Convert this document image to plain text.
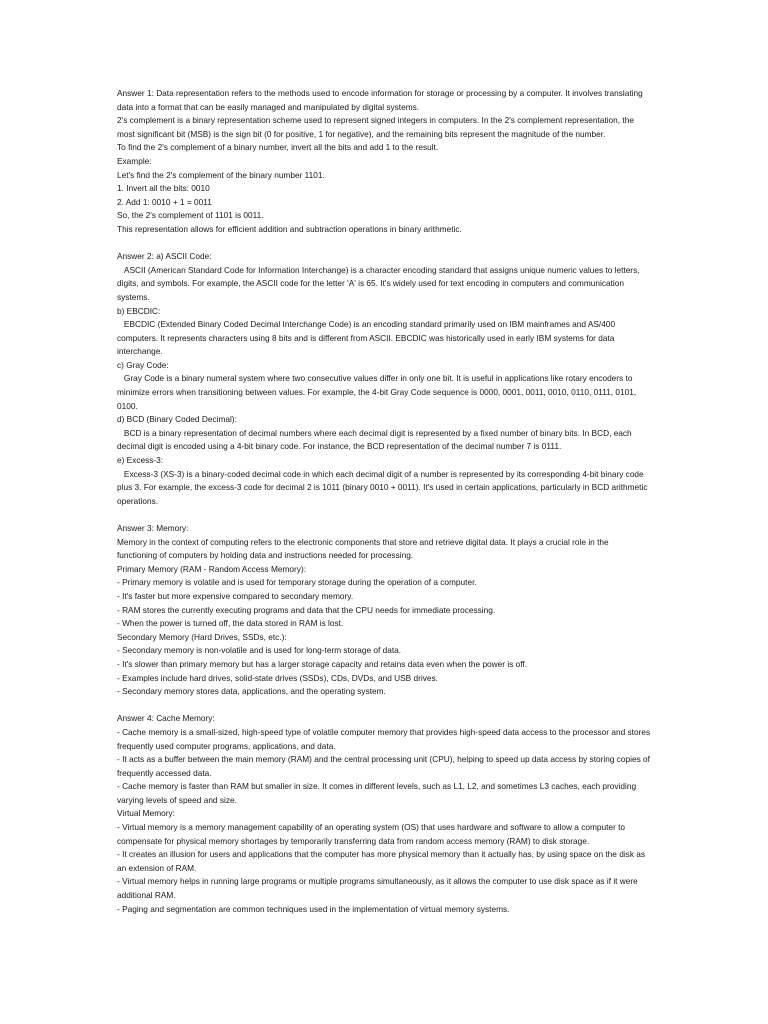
Answer 1: Data representation refers to the methods used to encode information for storage or processing by a computer. It involves translating data into a format that can be easily managed and manipulated by digital systems.

2's complement is a binary representation scheme used to represent signed integers in computers. In the 2's complement representation, the most significant bit (MSB) is the sign bit (0 for positive, 1 for negative), and the remaining bits represent the magnitude of the number.

To find the 2's complement of a binary number, invert all the bits and add 1 to the result.

Example:

Let's find the 2's complement of the binary number 1101.

1. Invert all the bits: 0010

2. Add 1: 0010 + 1 = 0011

So, the 2's complement of 1101 is 0011.

This representation allows for efficient addition and subtraction operations in binary arithmetic.

Answer 2: a) ASCII Code:

ASCII (American Standard Code for Information Interchange) is a character encoding standard that assigns unique numeric values to letters, digits, and symbols. For example, the ASCII code for the letter 'A' is 65. It's widely used for text encoding in computers and communication systems.

b) EBCDIC:

EBCDIC (Extended Binary Coded Decimal Interchange Code) is an encoding standard primarily used on IBM mainframes and AS/400 computers. It represents characters using 8 bits and is different from ASCII. EBCDIC was historically used in early IBM systems for data interchange.

c) Gray Code:

Gray Code is a binary numeral system where two consecutive values differ in only one bit. It is useful in applications like rotary encoders to minimize errors when transitioning between values. For example, the 4-bit Gray Code sequence is 0000, 0001, 0011, 0010, 0110, 0111, 0101, 0100.

d) BCD (Binary Coded Decimal):

BCD is a binary representation of decimal numbers where each decimal digit is represented by a fixed number of binary bits. In BCD, each decimal digit is encoded using a 4-bit binary code. For instance, the BCD representation of the decimal number 7 is 0111.

e) Excess-3:

Excess-3 (XS-3) is a binary-coded decimal code in which each decimal digit of a number is represented by its corresponding 4-bit binary code plus 3. For example, the excess-3 code for decimal 2 is 1011 (binary 0010 + 0011). It's used in certain applications, particularly in BCD arithmetic operations.

Answer 3: Memory:

Memory in the context of computing refers to the electronic components that store and retrieve digital data. It plays a crucial role in the functioning of computers by holding data and instructions needed for processing.

Primary Memory (RAM - Random Access Memory):

- Primary memory is volatile and is used for temporary storage during the operation of a computer.

- It's faster but more expensive compared to secondary memory.

- RAM stores the currently executing programs and data that the CPU needs for immediate processing.

- When the power is turned off, the data stored in RAM is lost.

Secondary Memory (Hard Drives, SSDs, etc.):

- Secondary memory is non-volatile and is used for long-term storage of data.

- It's slower than primary memory but has a larger storage capacity and retains data even when the power is off.

- Examples include hard drives, solid-state drives (SSDs), CDs, DVDs, and USB drives.

- Secondary memory stores data, applications, and the operating system.

Answer 4: Cache Memory:

- Cache memory is a small-sized, high-speed type of volatile computer memory that provides high-speed data access to the processor and stores frequently used computer programs, applications, and data.

- It acts as a buffer between the main memory (RAM) and the central processing unit (CPU), helping to speed up data access by storing copies of frequently accessed data.

- Cache memory is faster than RAM but smaller in size. It comes in different levels, such as L1, L2, and sometimes L3 caches, each providing varying levels of speed and size.

Virtual Memory:

- Virtual memory is a memory management capability of an operating system (OS) that uses hardware and software to allow a computer to compensate for physical memory shortages by temporarily transferring data from random access memory (RAM) to disk storage.

- It creates an illusion for users and applications that the computer has more physical memory than it actually has, by using space on the disk as an extension of RAM.

- Virtual memory helps in running large programs or multiple programs simultaneously, as it allows the computer to use disk space as if it were additional RAM.

- Paging and segmentation are common techniques used in the implementation of virtual memory systems.
